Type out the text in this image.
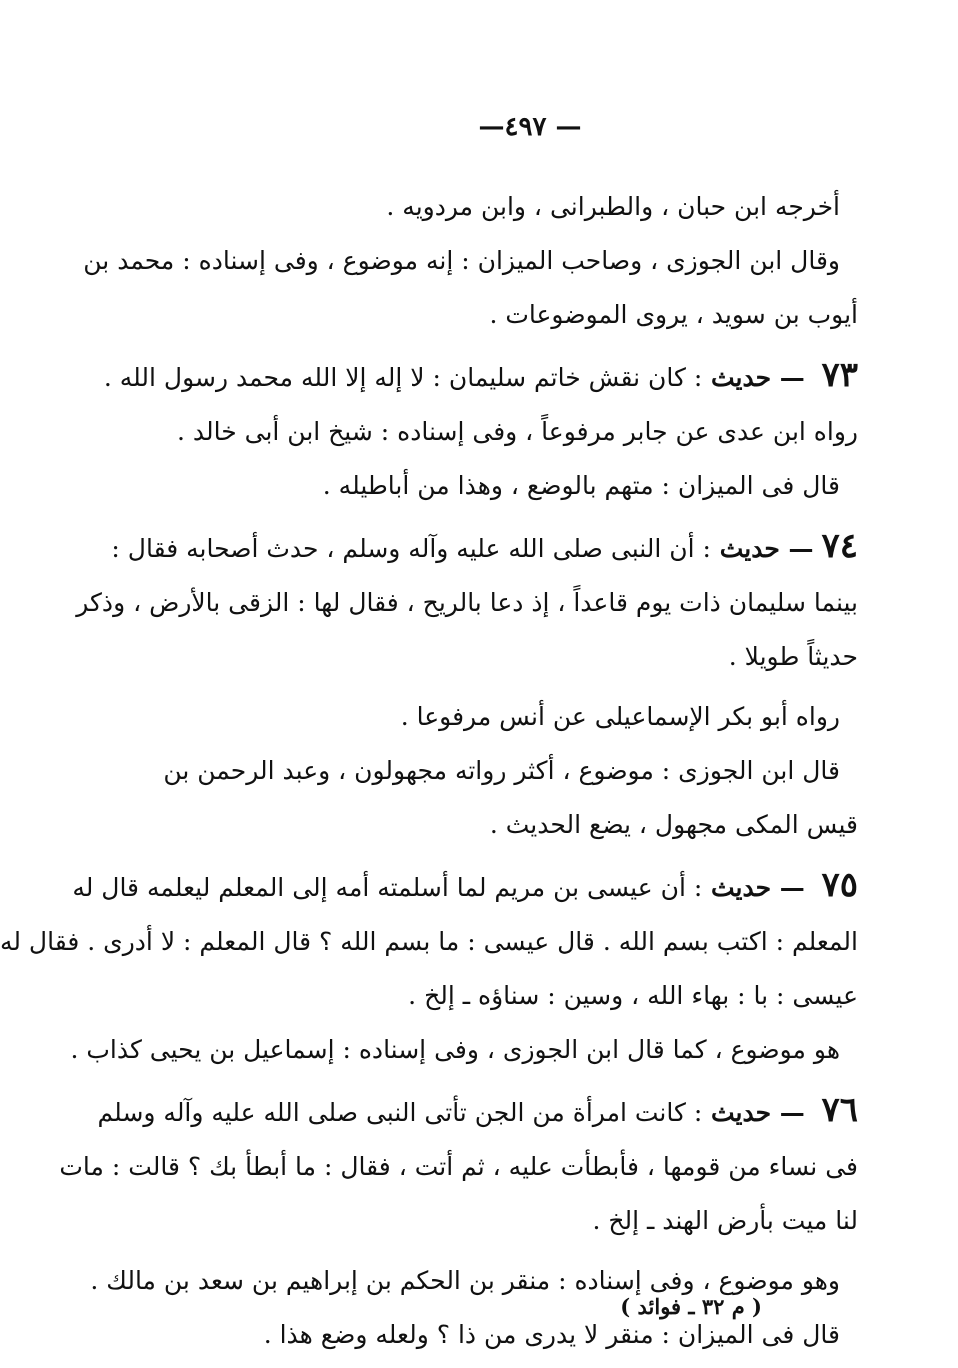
— ٤٩٧—
أخرجه ابن حبان ، والطبرانى ، وابن مردويه .
وقال ابن الجوزى ، وصاحب الميزان : إنه موضوع ، وفى إسناده : محمد بن
أيوب بن سويد ، يروى الموضوعات .
٧٣  — حديث : كان نقش خاتم سليمان : لا إله إلا الله محمد رسول الله .
رواه ابن عدى عن جابر مرفوعاً ، وفى إسناده : شيخ ابن أبى خالد .
قال فى الميزان : متهم بالوضع ، وهذا من أباطيله .
٧٤ — حديث : أن النبى صلى الله عليه وآله وسلم ، حدث أصحابه فقال :
بينما سليمان ذات يوم قاعداً ، إذ دعا بالريح ، فقال لها : الزقى بالأرض ، وذكر
حديثاً طويلا .
رواه أبو بكر الإسماعيلى عن أنس مرفوعا .
قال ابن الجوزى : موضوع ، أكثر رواته مجهولون ، وعبد الرحمن بن
قيس المكى مجهول ، يضع الحديث .
٧٥  — حديث : أن عيسى بن مريم لما أسلمته أمه إلى المعلم ليعلمه قال له
المعلم : اكتب بسم الله . قال عيسى : ما بسم الله ؟ قال المعلم : لا أدرى . فقال له
عيسى : با : بهاء الله ، وسين : سناؤه ـ إلخ .
هو موضوع ، كما قال ابن الجوزى ، وفى إسناده : إسماعيل بن يحيى كذاب .
٧٦  — حديث : كانت امرأة من الجن تأتى النبى صلى الله عليه وآله وسلم
فى نساء من قومها ، فأبطأت عليه ، ثم أتت ، فقال : ما أبطأ بك ؟ قالت : مات
لنا ميت بأرض الهند ـ إلخ .
وهو موضوع ، وفى إسناده : منقر بن الحكم بن إبراهيم بن سعد بن مالك .
قال فى الميزان : منقر لا يدرى من ذا ؟ ولعله وضع هذا .
( م ٣٢ ـ فوائد )
